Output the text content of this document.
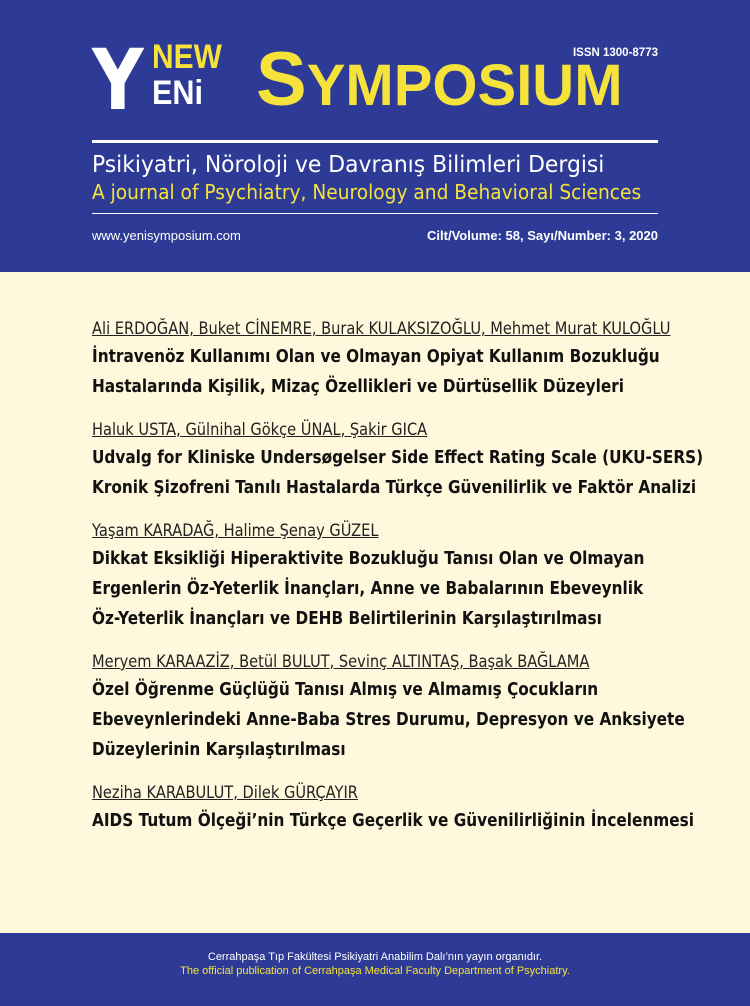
ISSN 1300-8773
Y NEW
ENi SYMPOSIUM
Psikiyatri, Nöroloji ve Davranış Bilimleri Dergisi
A journal of Psychiatry, Neurology and Behavioral Sciences
www.yenisymposium.com	Cilt/Volume: 58, Sayı/Number: 3, 2020
Ali ERDOĞAN, Buket CİNEMRE, Burak KULAKSIZOĞLU, Mehmet Murat KULOĞLU
İntravenöz Kullanımı Olan ve Olmayan Opiyat Kullanım Bozukluğu
Hastalarında Kişilik, Mizaç Özellikleri ve Dürtüsellik Düzeyleri
Haluk USTA, Gülnihal Gökçe ÜNAL, Şakir GICA
Udvalg for Kliniske Undersøgelser Side Effect Rating Scale (UKU-SERS)
Kronik Şizofreni Tanılı Hastalarda Türkçe Güvenilirlik ve Faktör Analizi
Yaşam KARADAĞ, Halime Şenay GÜZEL
Dikkat Eksikliği Hiperaktivite Bozukluğu Tanısı Olan ve Olmayan
Ergenlerin Öz-Yeterlik İnançları, Anne ve Babalarının Ebeveynlik
Öz-Yeterlik İnançları ve DEHB Belirtilerinin Karşılaştırılması
Meryem KARAAZİZ, Betül BULUT, Sevinç ALTINTAŞ, Başak BAĞLAMA
Özel Öğrenme Güçlüğü Tanısı Almış ve Almamış Çocukların
Ebeveynlerindeki Anne-Baba Stres Durumu, Depresyon ve Anksiyete
Düzeylerinin Karşılaştırılması
Neziha KARABULUT, Dilek GÜRÇAYIR
AIDS Tutum Ölçeği’nin Türkçe Geçerlik ve Güvenilirliğinin İncelenmesi
Cerrahpaşa Tıp Fakültesi Psikiyatri Anabilim Dalı’nın yayın organıdır.
The official publication of Cerrahpaşa Medical Faculty Department of Psychiatry.
